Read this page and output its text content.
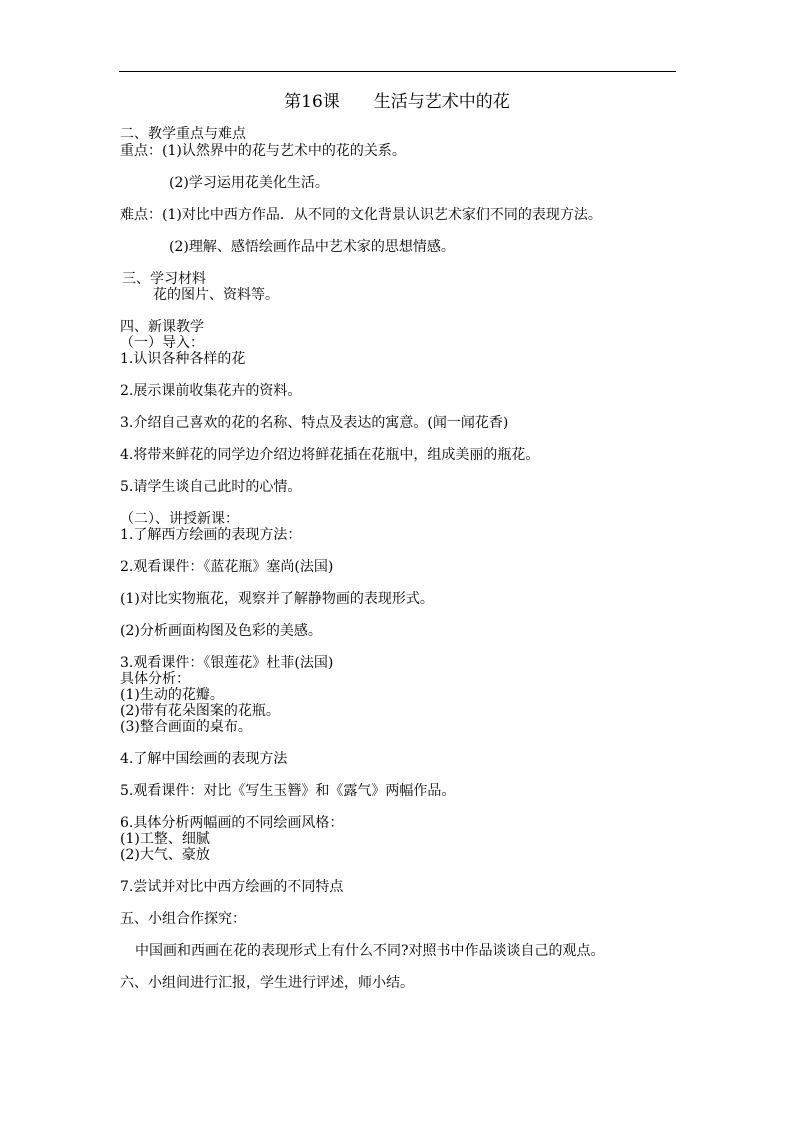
第16课　　生活与艺术中的花
二、教学重点与难点
重点：(1)认然界中的花与艺术中的花的关系。
(2)学习运用花美化生活。
难点：(1)对比中西方作品．从不同的文化背景认识艺术家们不同的表现方法。
(2)理解、感悟绘画作品中艺术家的思想情感。
三、学习材料
花的图片、资料等。
四、新课教学
（一）导入：
1.认识各种各样的花
2.展示课前收集花卉的资料。
3.介绍自己喜欢的花的名称、特点及表达的寓意。(闻一闻花香)
4.将带来鲜花的同学边介绍边将鲜花插在花瓶中，组成美丽的瓶花。
5.请学生谈自己此时的心情。
（二）、讲授新课：
1.了解西方绘画的表现方法：
2.观看课件：《蓝花瓶》塞尚(法国)
(1)对比实物瓶花，观察并了解静物画的表现形式。
(2)分析画面构图及色彩的美感。
3.观看课件：《银莲花》杜菲(法国)
具体分析：
(1)生动的花瓣。
(2)带有花朵图案的花瓶。
(3)整合画面的桌布。
4.了解中国绘画的表现方法
5.观看课件：对比《写生玉簪》和《露气》两幅作品。
6.具体分析两幅画的不同绘画风格：
(1)工整、细腻
(2)大气、豪放
7.尝试并对比中西方绘画的不同特点
五、小组合作探究：
中国画和西画在花的表现形式上有什么不同?对照书中作品谈谈自己的观点。
六、小组间进行汇报，学生进行评述，师小结。
